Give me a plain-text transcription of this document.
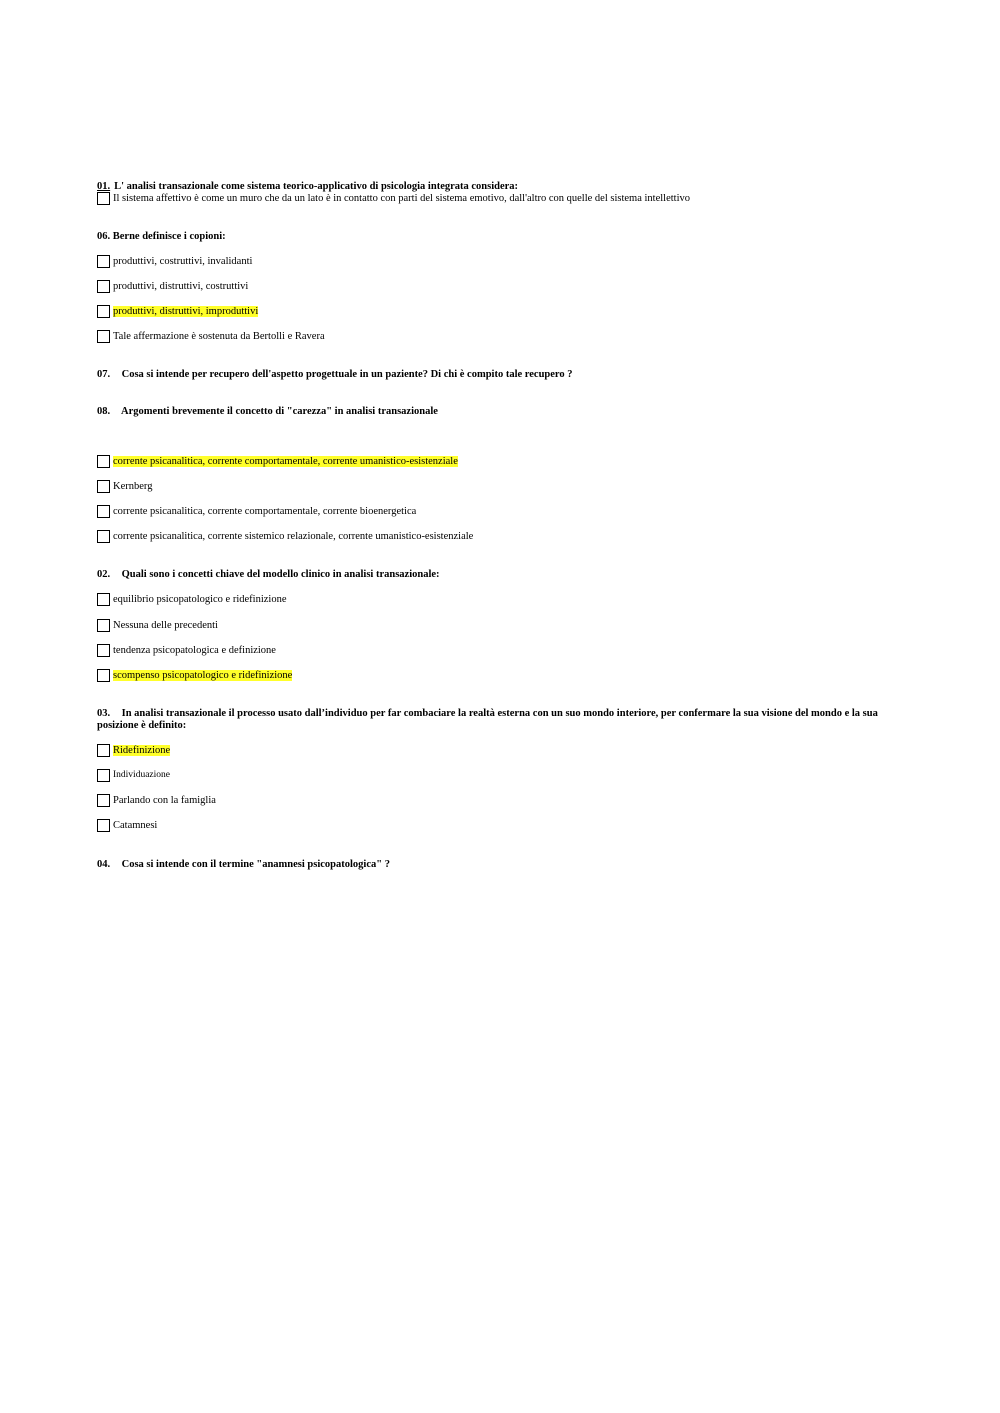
01. L' analisi transazionale come sistema teorico-applicativo di psicologia integrata considera:
Il sistema affettivo è come un muro che da un lato è in contatto con parti del sistema emotivo, dall'altro con quelle del sistema intellettivo
06. Berne definisce i copioni:
produttivi, costruttivi, invalidanti
produttivi, distruttivi, costruttivi
produttivi, distruttivi, improduttivi
Tale affermazione è sostenuta da Bertolli e Ravera
07. Cosa si intende per recupero dell'aspetto progettuale in un paziente? Di chi è compito tale recupero ?
08. Argomenti brevemente il concetto di "carezza" in analisi transazionale
corrente psicanalitica, corrente comportamentale, corrente umanistico-esistenziale
Kernberg
corrente psicanalitica, corrente comportamentale, corrente bioenergetica
corrente psicanalitica, corrente sistemico relazionale, corrente umanistico-esistenziale
02. Quali sono i concetti chiave del modello clinico in analisi transazionale:
equilibrio psicopatologico e ridefinizione
Nessuna delle precedenti
tendenza psicopatologica e definizione
scompenso psicopatologico e ridefinizione
03. In analisi transazionale il processo usato dall’individuo per far combaciare la realtà esterna con un suo mondo interiore, per confermare la sua visione del mondo e la sua posizione è definito:
Ridefinizione
Individuazione
Parlando con la famiglia
Catamnesi
04. Cosa si intende con il termine "anamnesi psicopatologica" ?
